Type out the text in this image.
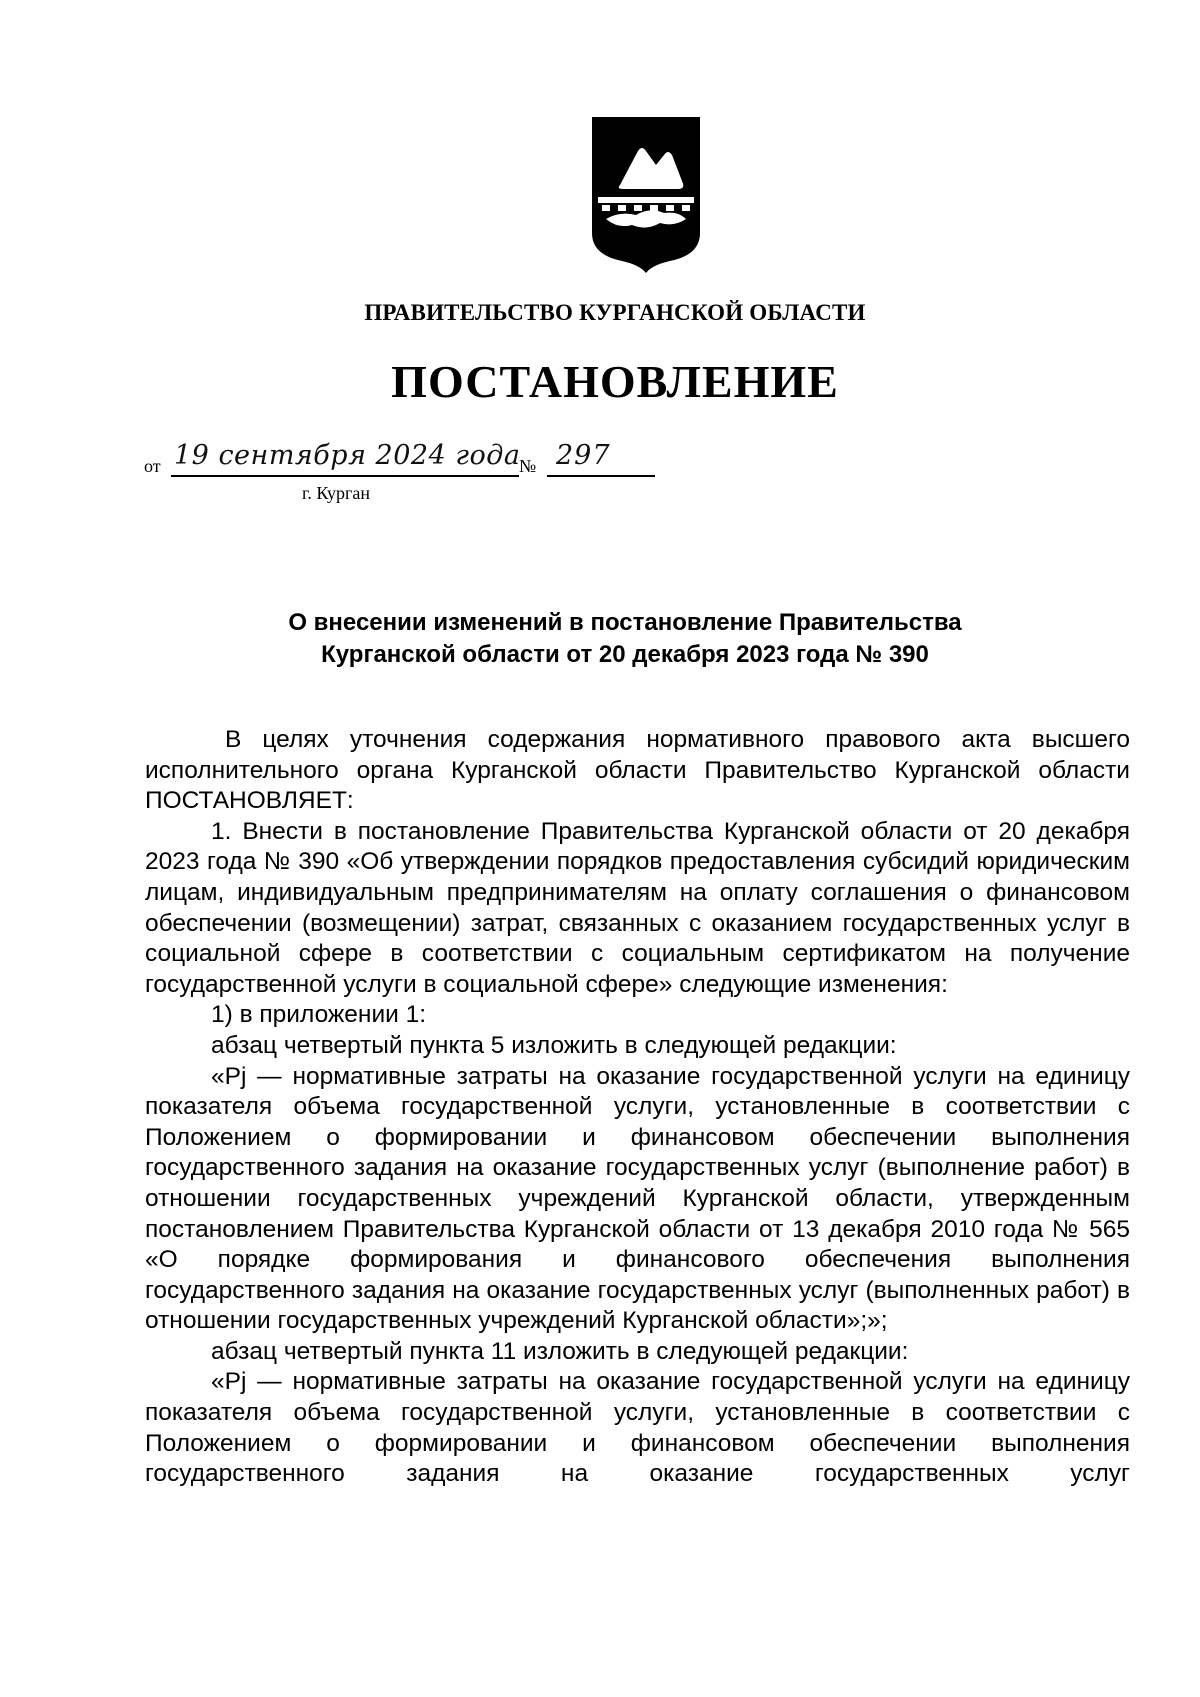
ПРАВИТЕЛЬСТВО КУРГАНСКОЙ ОБЛАСТИ
ПОСТАНОВЛЕНИЕ
от 19 сентября 2024 года
№ 297
г. Курган
О внесении изменений в постановление Правительства
Курганской области от 20 декабря 2023 года № 390

В целях уточнения содержания нормативного правового акта высшего исполнительного органа Курганской области Правительство Курганской области ПОСТАНОВЛЯЕТ:

1. Внести в постановление Правительства Курганской области от 20 декабря 2023 года № 390 «Об утверждении порядков предоставления субсидий юридическим лицам, индивидуальным предпринимателям на оплату соглашения о финансовом обеспечении (возмещении) затрат, связанных с оказанием государственных услуг в социальной сфере в соответствии с социальным сертификатом на получение государственной услуги в социальной сфере» следующие изменения:

1) в приложении 1:

абзац четвертый пункта 5 изложить в следующей редакции:

«Pj — нормативные затраты на оказание государственной услуги на единицу показателя объема государственной услуги, установленные в соответствии с Положением о формировании и финансовом обеспечении выполнения государственного задания на оказание государственных услуг (выполнение работ) в отношении государственных учреждений Курганской области, утвержденным постановлением Правительства Курганской области от 13 декабря 2010 года № 565 «О порядке формирования и финансового обеспечения выполнения государственного задания на оказание государственных услуг (выполненных работ) в отношении государственных учреждений Курганской области»;»;

абзац четвертый пункта 11 изложить в следующей редакции:

«Pj — нормативные затраты на оказание государственной услуги на единицу показателя объема государственной услуги, установленные в соответствии с Положением о формировании и финансовом обеспечении выполнения государственного задания на оказание государственных услуг
